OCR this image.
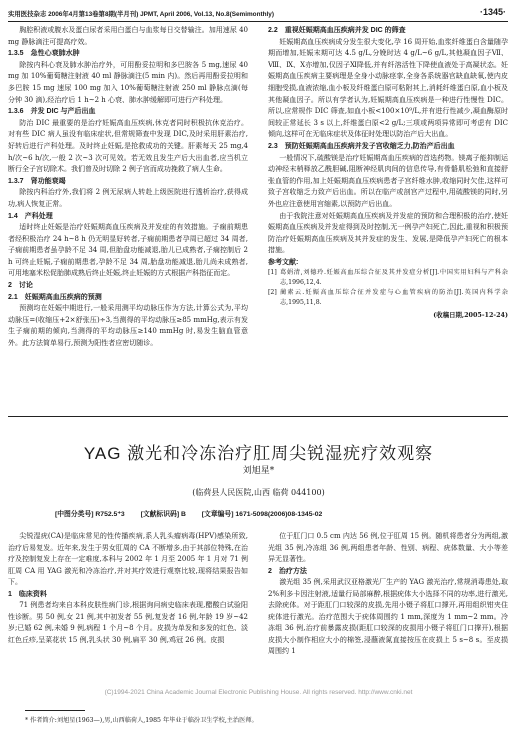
实用医技杂志 2006年4月第13卷第8期(半月刊) JPMT, April 2006, Vol.13, No.8(Semimonthly)	·1345·

胸腔积液或腹水及蛋白尿者采用白蛋白与血浆每日交替输注。加用速尿 40 mg 静脉滴注可提高疗效。

1.3.5　急性心衰肺水肿

除按内科心衰及肺水肿治疗外，可用酚妥拉明和多巴胺各 5 mg,速尿 40 mg 加 10%葡萄糖注射液 40 ml 静脉滴注(5 min 内)。然后再用酚妥拉明和多巴胺 15 mg 速尿 100 mg 加入 10%葡萄糖注射液 250 ml 静脉点滴(每分钟 30 滴),经治疗后 1 h~2 h 心衰、肺水肿缓解即可进行产科处理。

1.3.6　并发 DIC 与产后出血

防治 DIC 最重要的是治疗妊娠高血压疾病,休克者同时积极抗休克治疗。对有些 DIC 病人虽没有临床症状,但常规筛查中发现 DIC,及时采用肝素治疗,好转后进行产科处理。及时终止妊娠,是抢救成功的关键。肝素每天 25 mg,4 h/次~6 h/次,一般 2 次~3 次可见效。若无效且发生产后大出血者,应当机立断行全子宫切除术。我们曾及时切除 2 例子宫而成功挽救了病人生命。

1.3.7　肾功能衰竭

除按内科治疗外,我们将 2 例无尿病人转赴上级医院进行透析治疗,获得成功,病人恢复正常。

1.4　产科处理

适时终止妊娠是治疗妊娠期高血压疾病及并发症的有效措施。子痫前期患者经积极治疗 24 h~8 h 仍无明显好转者,子痫前期患者孕周已超过 34 周者,子痫前期患者虽孕龄不足 34 周,但胎盘功能减退,胎儿已成熟者,子痫控制后 2 h 可终止妊娠,子痫前期患者,孕龄不足 34 周,胎盘功能减退,胎儿尚未成熟者,可用地塞米松促胎肺成熟后终止妊娠,终止妊娠的方式根据产科指征而定。

2　讨论

2.1　妊娠期高血压疾病的预测

预测均在妊娠中期进行,一般采用测平均动脉压作为方法,计算公式为,平均动脉压=(收缩压+2×舒张压)÷3,当测得的平均动脉压≥85 mmHg,表示有发生子痫前期的倾向,当测得的平均动脉压≥140 mmHg 时,易发生脑血管意外。此方法简单易行,预测为阳性者应密切随诊。

2.2　重视妊娠期高血压疾病并发 DIC 的筛查

妊娠期高血压疾病成分发生很大变化,孕 16 周开始,血浆纤维蛋白含量随孕期而增加,妊娠末期可达 4.5 g/L,分娩时达 4 g/L~6 g/L,其他凝血因子Ⅶ、Ⅷ、Ⅸ、Ⅹ亦增加,仅因子Ⅺ降低,并有纤溶活性下降使血液处于高凝状态。妊娠期高血压疾病主要病理是全身小动脉痉挛,全身各系统器官缺血缺氧,使内皮细胞受损,血液浓缩,血小板及纤维蛋白原可粘附其上,消耗纤维蛋白原,血小板及其他凝血因子。所以有学者认为,妊娠期高血压疾病是一种进行性慢性 DIC。所以,应常规作 DIC 筛查,如血小板<100×10⁹/L,并有进行性减少,凝血酶原时间较正常延长 3 s 以上,纤维蛋白原<2 g/L;三项或两项异常即可考虑有 DIC 倾向,这样可在无临床症状及体征时处理以防治产后大出血。

2.3　预防妊娠期高血压疾病并发子宫收缩乏力,防治产后出血

一般情况下,硫酸镁是治疗妊娠期高血压疾病的首选药物。镁离子能抑制运动神经末梢释放乙酰胆碱,阻断神经肌肉间的信息传导,有骨骼肌松弛和直接舒张血管的作用,加上妊娠期高血压疾病患者子宫纤维水肿,收缩同时欠佳,这样可致子宫收缩乏力致产后出血。所以在临产或剖宫产过程中,用硫酸镁的同时,另外也应注意使用宫缩素,以预防产后出血。

由于我院注意对妊娠期高血压疾病及并发症的预防和合理积极的治疗,使妊娠期高血压疾病及并发症得到及时控制,无一例孕产妇死亡,因此,重视和积极预防治疗妊娠期高血压疾病及其并发症的发生、发展,是降低孕产妇死亡的根本措施。

参考文献:

[1] 葛娟清,刘德玲.妊娠高血压综合征及其并发症分析[J].中国实用妇科与产科杂志,1996,12,4.

[2] 蔺素云.妊娠高血压综合征并发症与心血管疾病的防治[J].英国内科学杂志,1995,11,8.

(收稿日期,2005-12-24)
YAG 激光和冷冻治疗肛周尖锐湿疣疗效观察
刘旭星*
(临荷县人民医院,山西 临荷 044100)
[中图分类号] R752.5⁺3 [文献标识码] B [文章编号] 1671-5098(2006)08-1345-02

尖锐湿疣(CA)是临床常见的性传播疾病,系人乳头瘤病毒(HPV)感染所致,治疗后易复发。近年来,发生于男女肛周的 CA 不断增多,由于其部位特殊,在治疗及控制复发上存在一定难度,本科与 2002 年 1 月至 2005 年 1 月对 71 例肛周 CA 用 YAG 激光和冷冻治疗,并对其疗效进行观察比较,现将结果报告如下。

1　临床资料

71 例患者均来自本科皮肤性病门诊,根据询问病史临床表现,醋酸白试验阳性诊断。男 50 例,女 21 例,其中初发者 55 例,复发者 16 例,年龄 19 岁~42 岁;已婚 62 例,未婚 9 例,病程 1 个月~8 个月。皮损为单发和多发的红色、淡红色丘疹,呈菜花状 15 例,乳头状 30 例,扁平 30 例,鸡冠 26 例。皮损

位于肛门口 0.5 cm 内达 56 例,位于肛周 15 例。随机将患者分为两组,激光组 35 例,冷冻组 36 例,两组患者年龄、性别、病程、疣体数量、大小等差异无显著性。

2　治疗方法

激光组 35 例,采用武汉亚格激光厂生产的 YAG 激光治疗,常规消毒患处,取 2%利多卡因注射液,适量行局部麻醉,根据疣体大小选择不同的功率,进行激光,去除疣体。对于距肛门口较深的皮损,先用小镊子将肛口撑开,再用组织钳夹住疣体进行激光。治疗范围大于疣体周围约 1 mm,深度为 1 mm~2 mm。冷冻组 36 例,治疗前暴露皮损(距肛口较深的皮损用小镊子将肛门口撑开),根据皮损大小制作相应大小的棉签,浸蘸液氮直接按压在皮损上 5 s~8 s。至皮损周围约 1

(C)1994-2021 China Academic Journal Electronic Publishing House. All rights reserved. http://www.cnki.net
* 作者简介:刘旭星(1963—),男,山西临荷人,1985 年毕业于临汾卫生学校,主治医师。
